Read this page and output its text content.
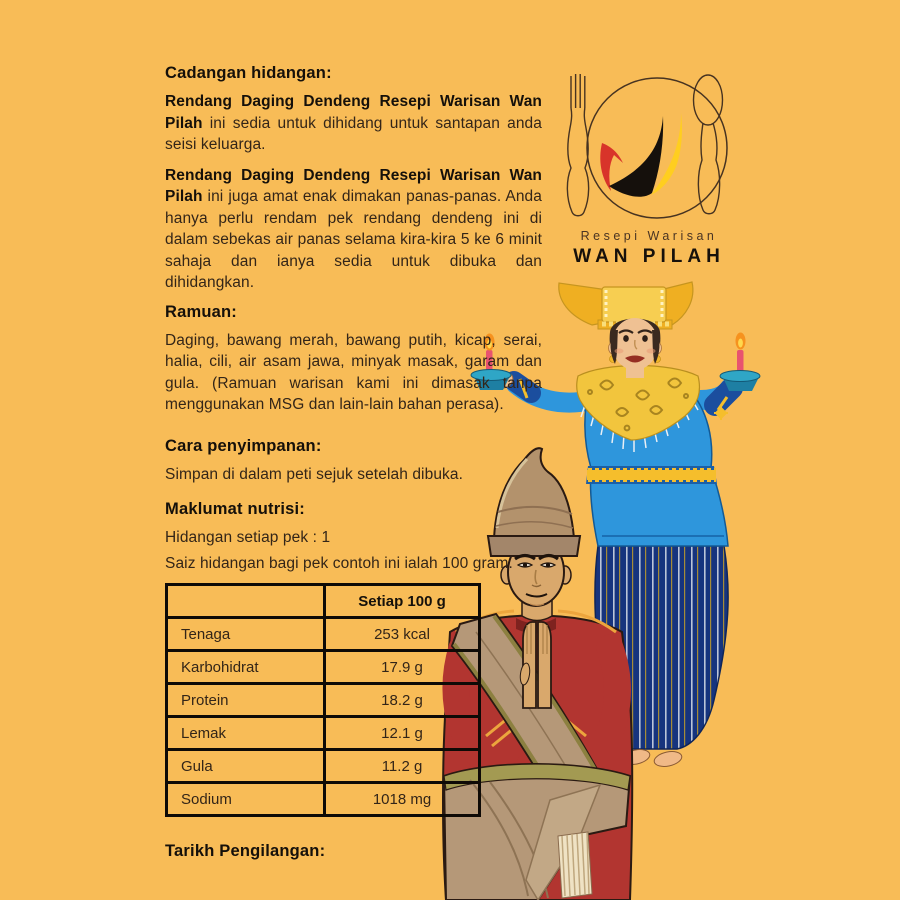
Resepi Warisan
WAN PILAH
Cadangan hidangan:

Rendang Daging Dendeng Resepi Warisan Wan Pilah ini sedia untuk dihidang untuk santapan anda seisi keluarga.

Rendang Daging Dendeng Resepi Warisan Wan Pilah ini juga amat enak dimakan panas-panas. Anda hanya perlu rendam pek rendang dendeng ini di dalam sebekas air panas selama kira-kira 5 ke 6 minit sahaja dan ianya sedia untuk dibuka dan dihidangkan.

Ramuan:

Daging, bawang merah, bawang putih, kicap, serai, halia, cili, air asam jawa, minyak masak, garam dan gula. (Ramuan warisan kami ini dimasak tanpa menggunakan MSG dan lain-lain bahan perasa).

Cara penyimpanan:

Simpan di dalam peti sejuk setelah dibuka.

Maklumat nutrisi:

Hidangan setiap pek : 1

Saiz hidangan bagi pek contoh ini ialah 100 gram.

	Setiap 100 g
Tenaga	253 kcal
Karbohidrat	17.9 g
Protein	18.2 g
Lemak	12.1 g
Gula	11.2 g
Sodium	1018 mg
Tarikh Pengilangan:
